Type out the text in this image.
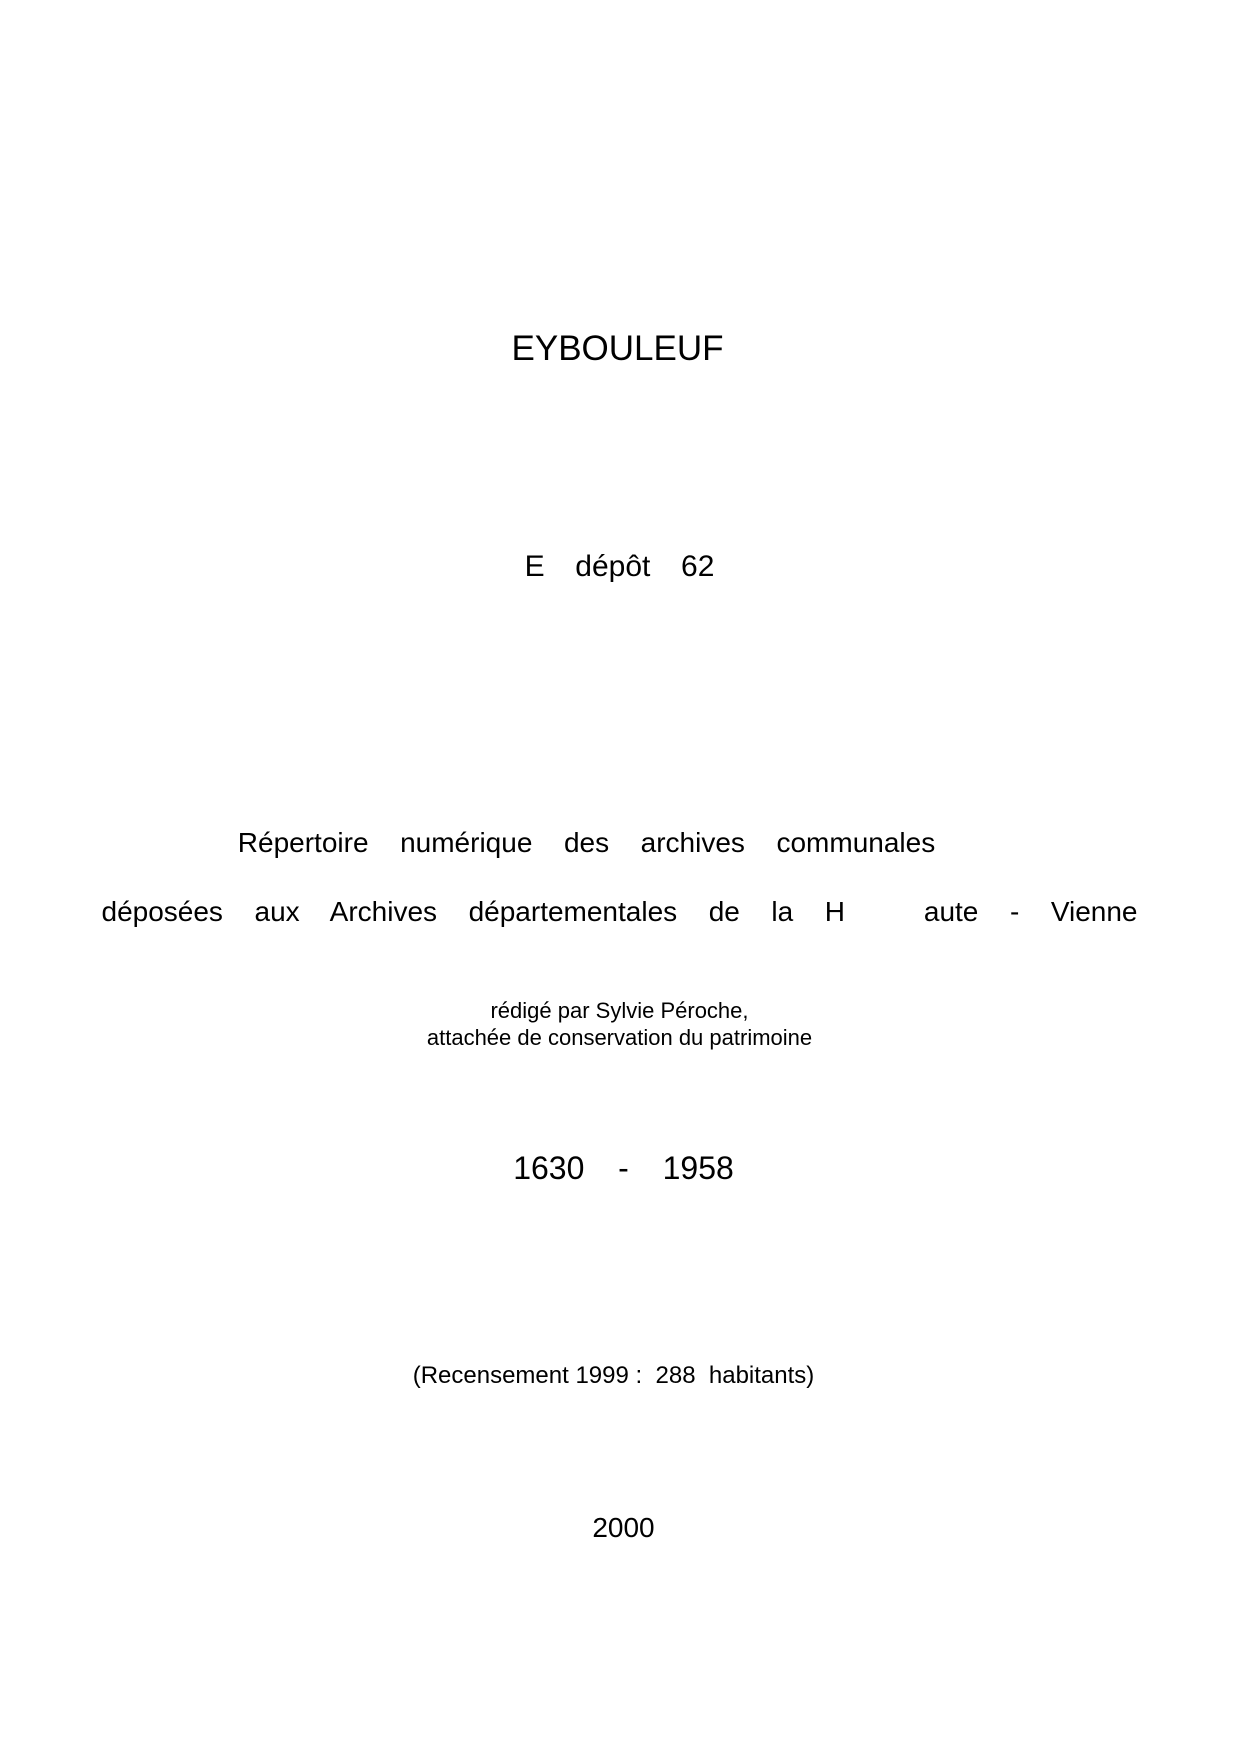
EYBOULEUF
E  dépôt  62
Répertoire  numérique  des  archives  communales
déposées  aux  Archives  départementales  de  la  H     aute  -  Vienne
rédigé par Sylvie Péroche,
attachée de conservation du patrimoine
1630  -  1958
(Recensement 1999 :  288  habitants)
2000
